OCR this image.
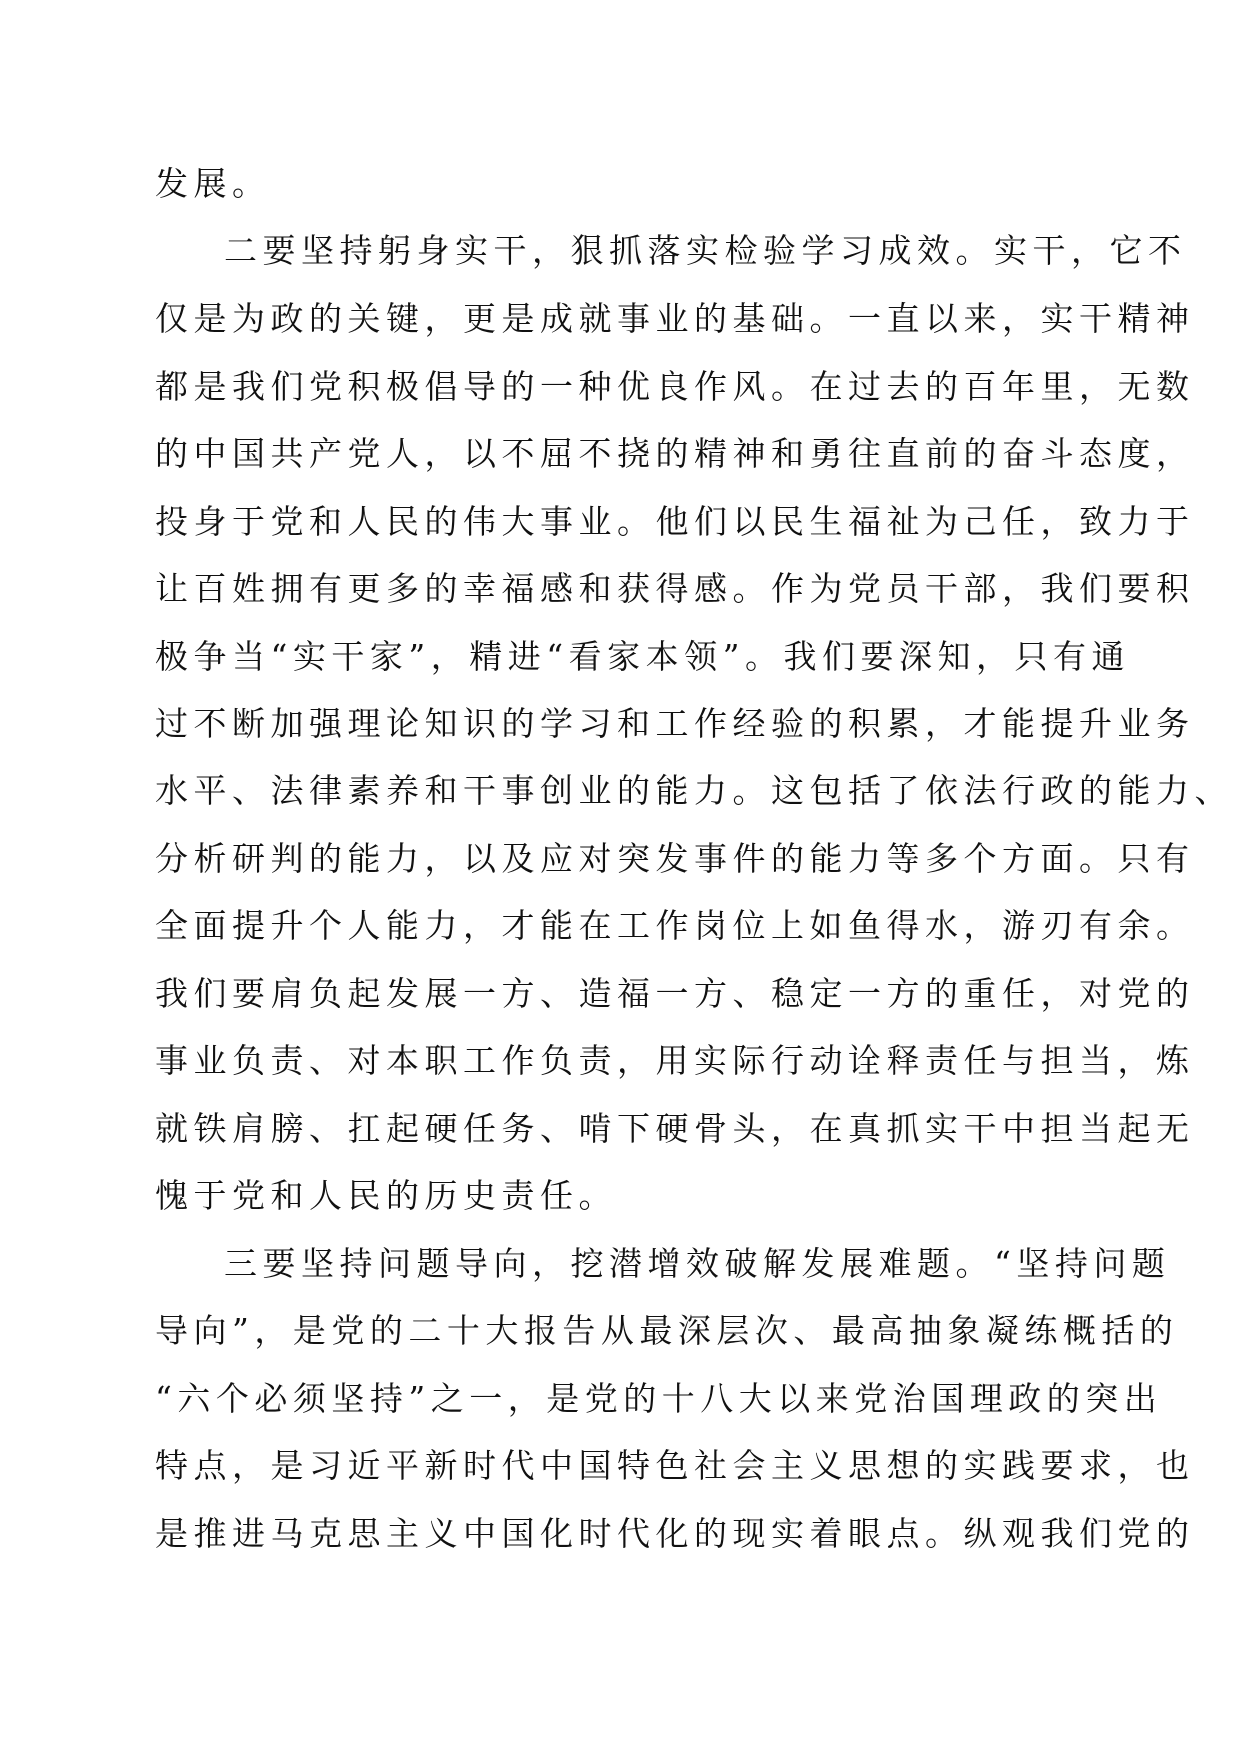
发展。

二要坚持躬身实干，狠抓落实检验学习成效。实干，它不

仅是为政的关键，更是成就事业的基础。一直以来，实干精神

都是我们党积极倡导的一种优良作风。在过去的百年里，无数

的中国共产党人，以不屈不挠的精神和勇往直前的奋斗态度，

投身于党和人民的伟大事业。他们以民生福祉为己任，致力于

让百姓拥有更多的幸福感和获得感。作为党员干部，我们要积

极争当“实干家”，精进“看家本领”。我们要深知，只有通

过不断加强理论知识的学习和工作经验的积累，才能提升业务

水平、法律素养和干事创业的能力。这包括了依法行政的能力、

分析研判的能力，以及应对突发事件的能力等多个方面。只有

全面提升个人能力，才能在工作岗位上如鱼得水，游刃有余。

我们要肩负起发展一方、造福一方、稳定一方的重任，对党的

事业负责、对本职工作负责，用实际行动诠释责任与担当，炼

就铁肩膀、扛起硬任务、啃下硬骨头，在真抓实干中担当起无

愧于党和人民的历史责任。

三要坚持问题导向，挖潜增效破解发展难题。“坚持问题

导向”，是党的二十大报告从最深层次、最高抽象凝练概括的

“六个必须坚持”之一，是党的十八大以来党治国理政的突出

特点，是习近平新时代中国特色社会主义思想的实践要求，也

是推进马克思主义中国化时代化的现实着眼点。纵观我们党的
